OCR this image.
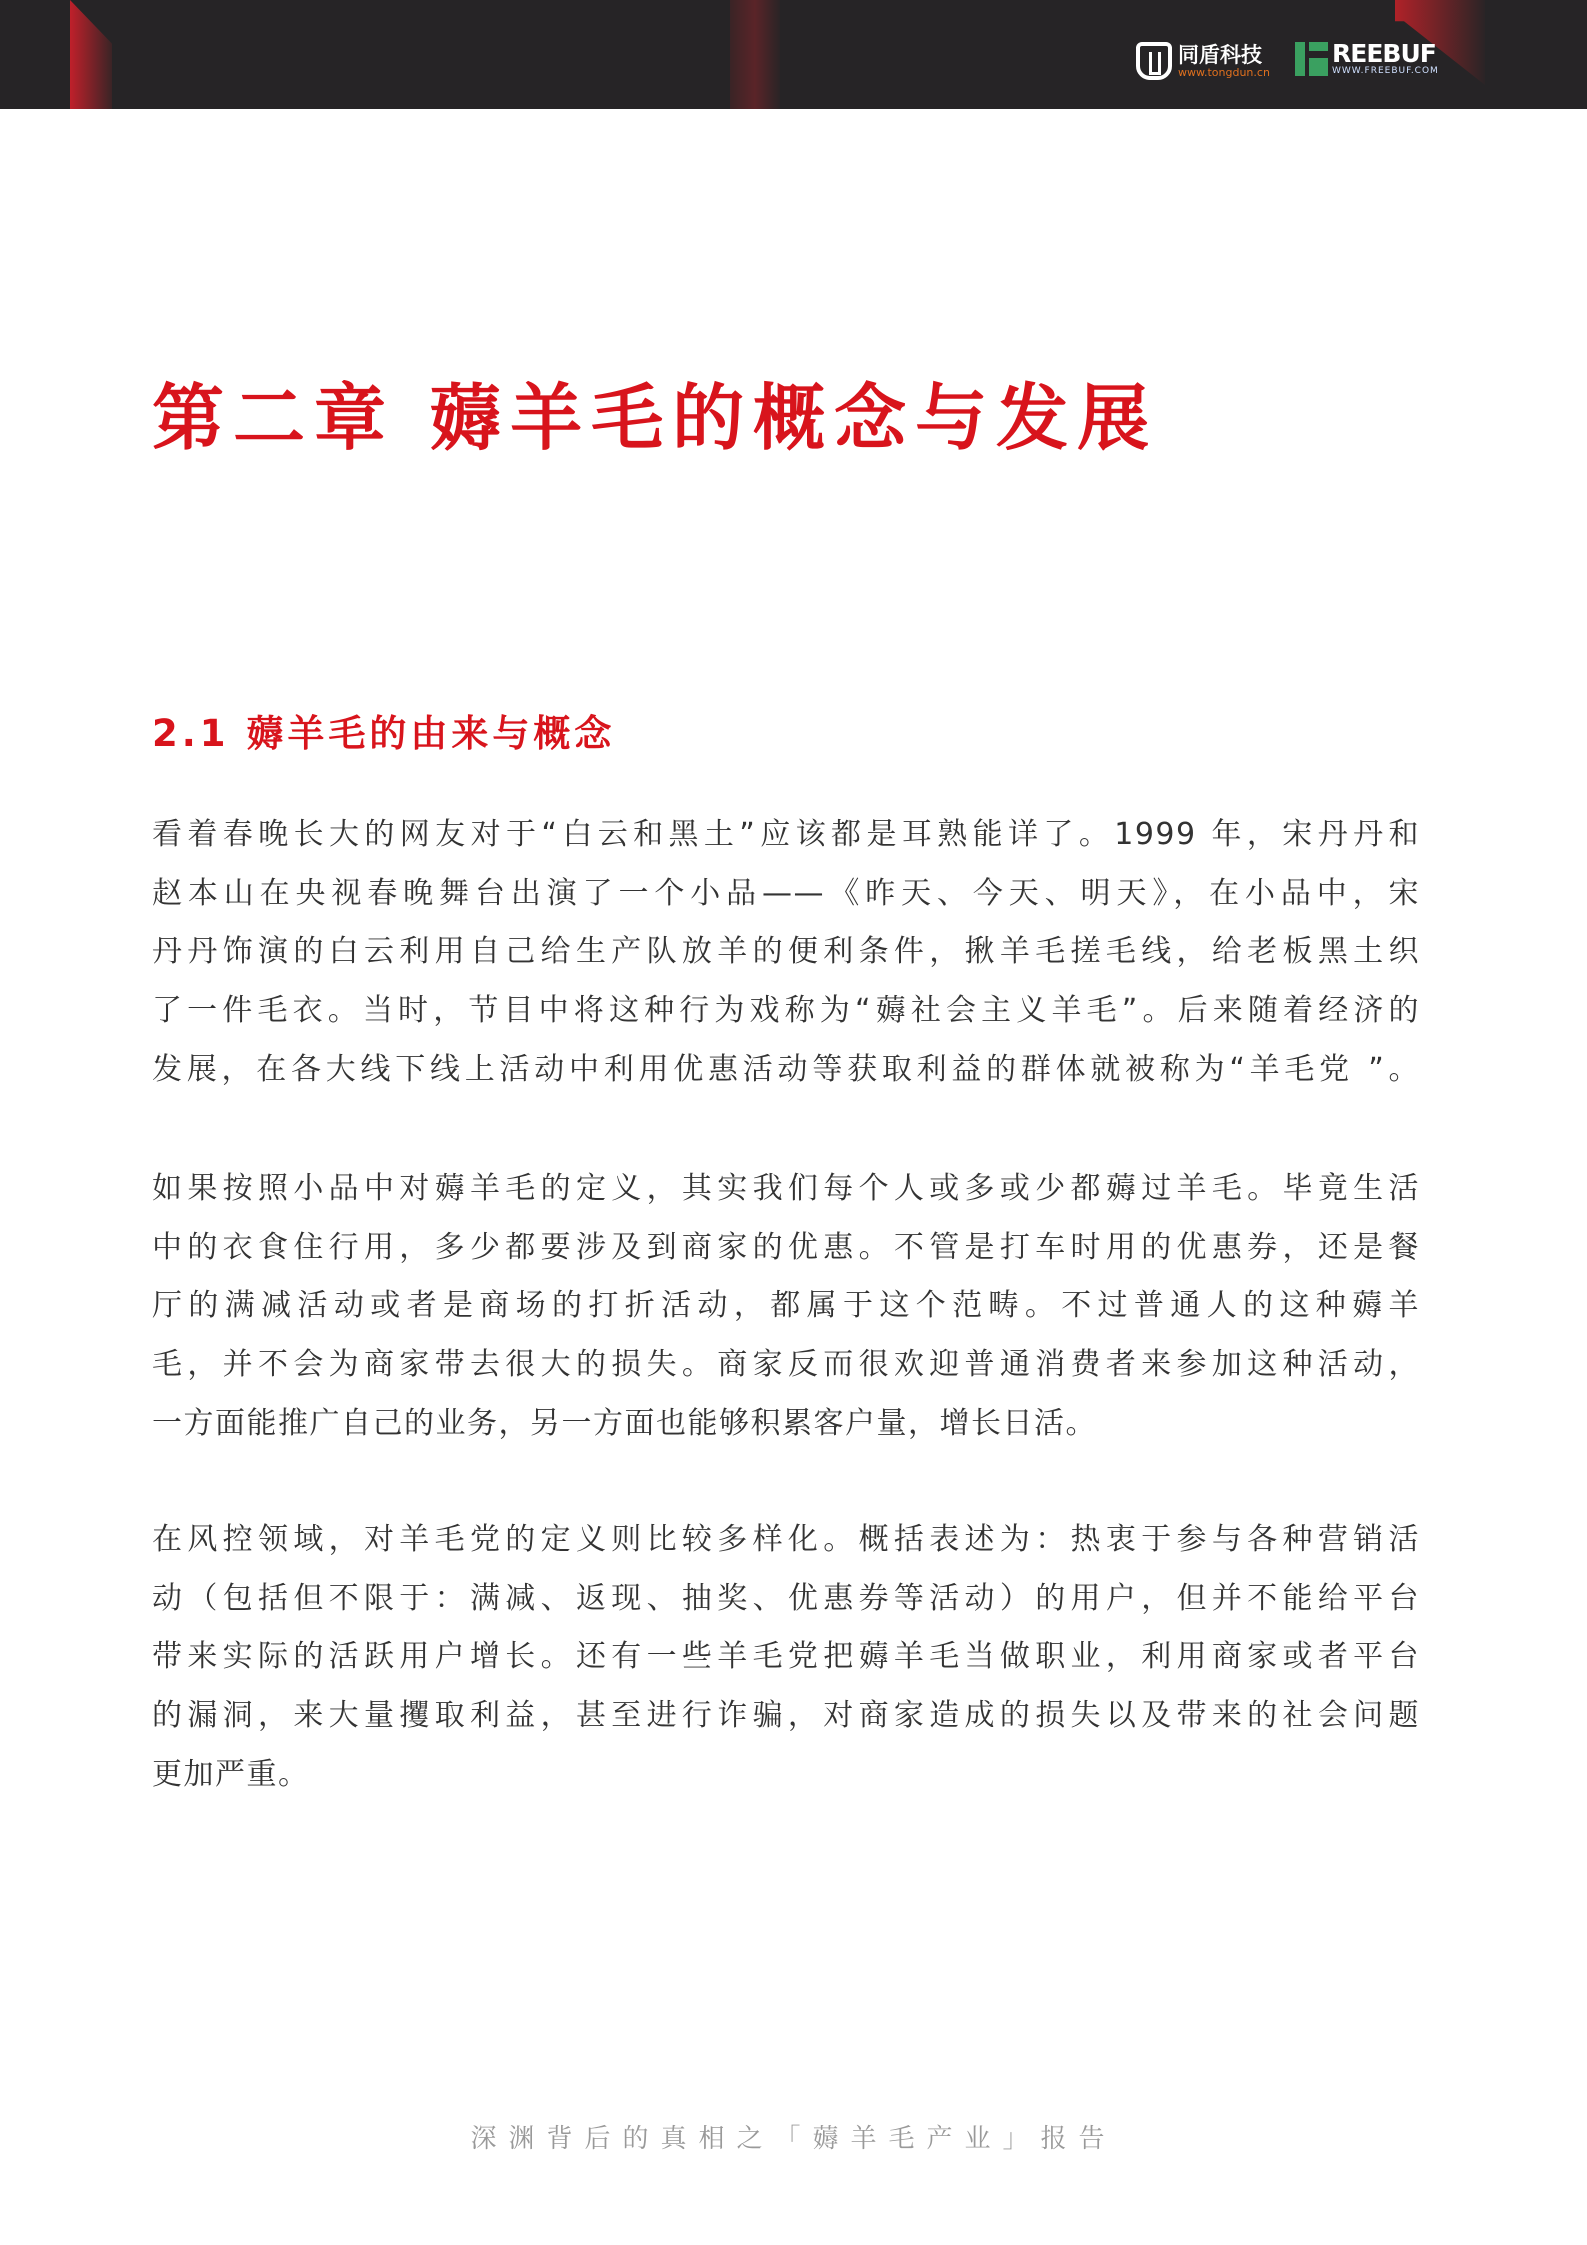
同盾科技
www.tongdun.cn
REEBUF
WWW.FREEBUF.COM
第二章 薅羊毛的概念与发展
2.1 薅羊毛的由来与概念
看着春晚长大的网友对于“白云和黑土”应该都是耳熟能详了。1999 年，宋丹丹和
赵本山在央视春晚舞台出演了一个小品——《昨天、今天、明天》，在小品中，宋
丹丹饰演的白云利用自己给生产队放羊的便利条件，揪羊毛搓毛线，给老板黑土织
了一件毛衣。当时，节目中将这种行为戏称为“薅社会主义羊毛”。后来随着经济的
发展，在各大线下线上活动中利用优惠活动等获取利益的群体就被称为“羊毛党 ”。
如果按照小品中对薅羊毛的定义，其实我们每个人或多或少都薅过羊毛。毕竟生活
中的衣食住行用，多少都要涉及到商家的优惠。不管是打车时用的优惠券，还是餐
厅的满减活动或者是商场的打折活动，都属于这个范畴。不过普通人的这种薅羊
毛，并不会为商家带去很大的损失。商家反而很欢迎普通消费者来参加这种活动，
一方面能推广自己的业务，另一方面也能够积累客户量，增长日活。
在风控领域，对羊毛党的定义则比较多样化。概括表述为：热衷于参与各种营销活
动（包括但不限于：满减、返现、抽奖、优惠券等活动）的用户，但并不能给平台
带来实际的活跃用户增长。还有一些羊毛党把薅羊毛当做职业，利用商家或者平台
的漏洞，来大量攫取利益，甚至进行诈骗，对商家造成的损失以及带来的社会问题
更加严重。
深渊背后的真相之「薅羊毛产业」报告
